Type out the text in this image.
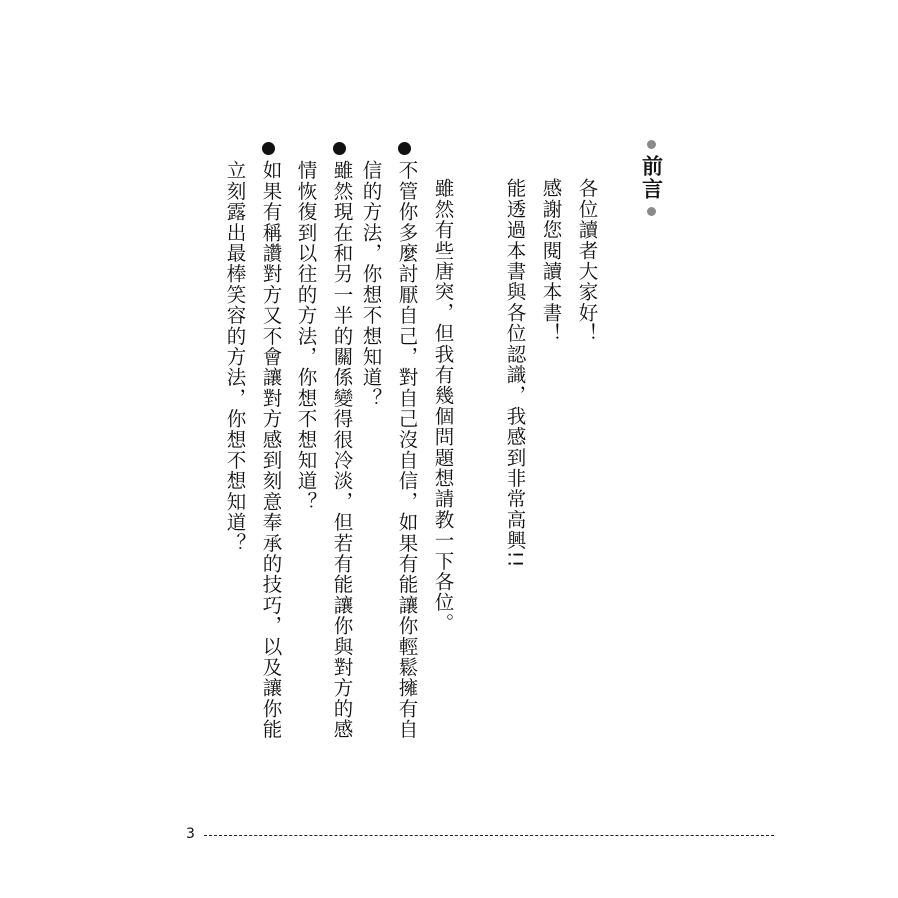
前言
各位讀者大家好！
感謝您閱讀本書！
能透過本書與各位認識，我感到非常高興!!
雖然有些唐突，但我有幾個問題想請教一下各位。
不管你多麼討厭自己，對自己沒自信，如果有能讓你輕鬆擁有自
信的方法，你想不想知道？
雖然現在和另一半的關係變得很冷淡，但若有能讓你與對方的感
情恢復到以往的方法，你想不想知道？
如果有稱讚對方又不會讓對方感到刻意奉承的技巧，以及讓你能
立刻露出最棒笑容的方法，你想不想知道？
3
